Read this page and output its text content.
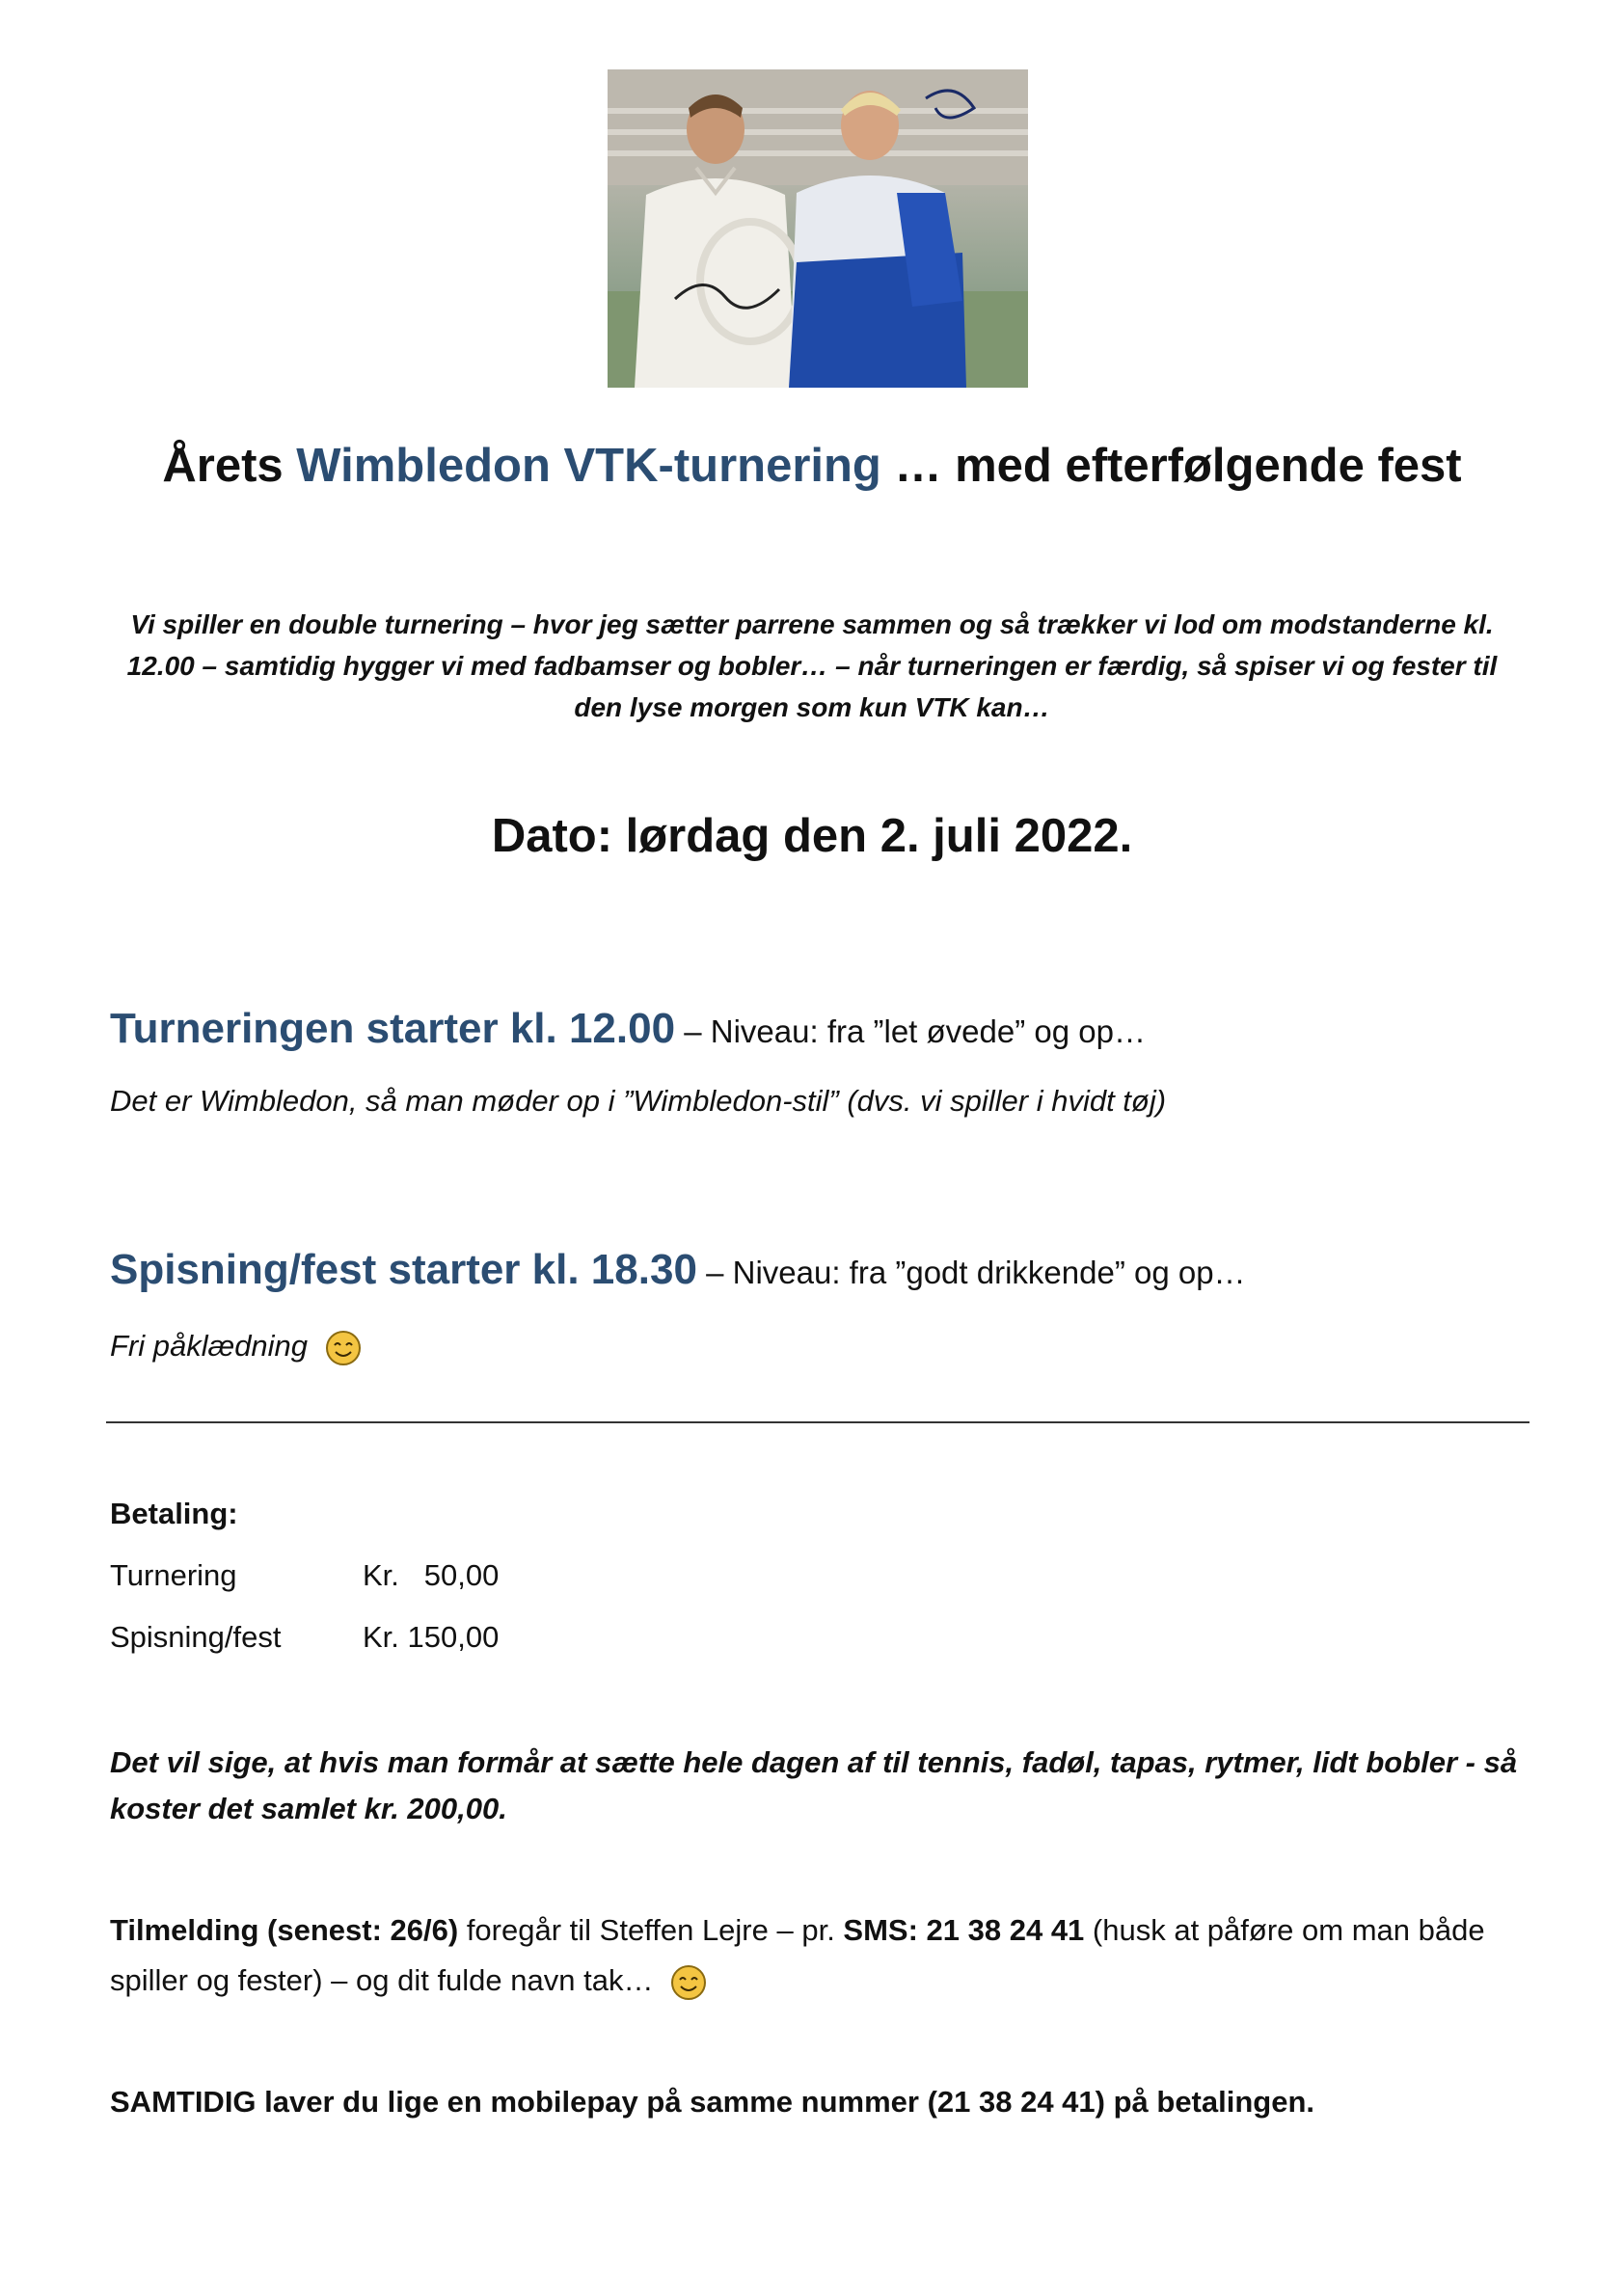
Årets Wimbledon VTK-turnering … med efterfølgende fest
Vi spiller en double turnering – hvor jeg sætter parrene sammen og så trækker vi lod om modstanderne kl. 12.00 – samtidig hygger vi med fadbamser og bobler… – når turneringen er færdig, så spiser vi og fester til den lyse morgen som kun VTK kan…
Dato: lørdag den 2. juli 2022.
Turneringen starter kl. 12.00 – Niveau: fra ”let øvede” og op…
Det er Wimbledon, så man møder op i ”Wimbledon-stil” (dvs. vi spiller i hvidt tøj)
Spisning/fest starter kl. 18.30 – Niveau: fra ”godt drikkende” og op…
Fri påklædning
Betaling:
Turnering	Kr.   50,00
Spisning/fest	Kr. 150,00
Det vil sige, at hvis man formår at sætte hele dagen af til tennis, fadøl, tapas, rytmer, lidt bobler - så koster det samlet kr. 200,00.
Tilmelding (senest: 26/6) foregår til Steffen Lejre – pr. SMS: 21 38 24 41 (husk at påføre om man både spiller og fester) – og dit fulde navn tak…
SAMTIDIG laver du lige en mobilepay på samme nummer (21 38 24 41) på betalingen.
